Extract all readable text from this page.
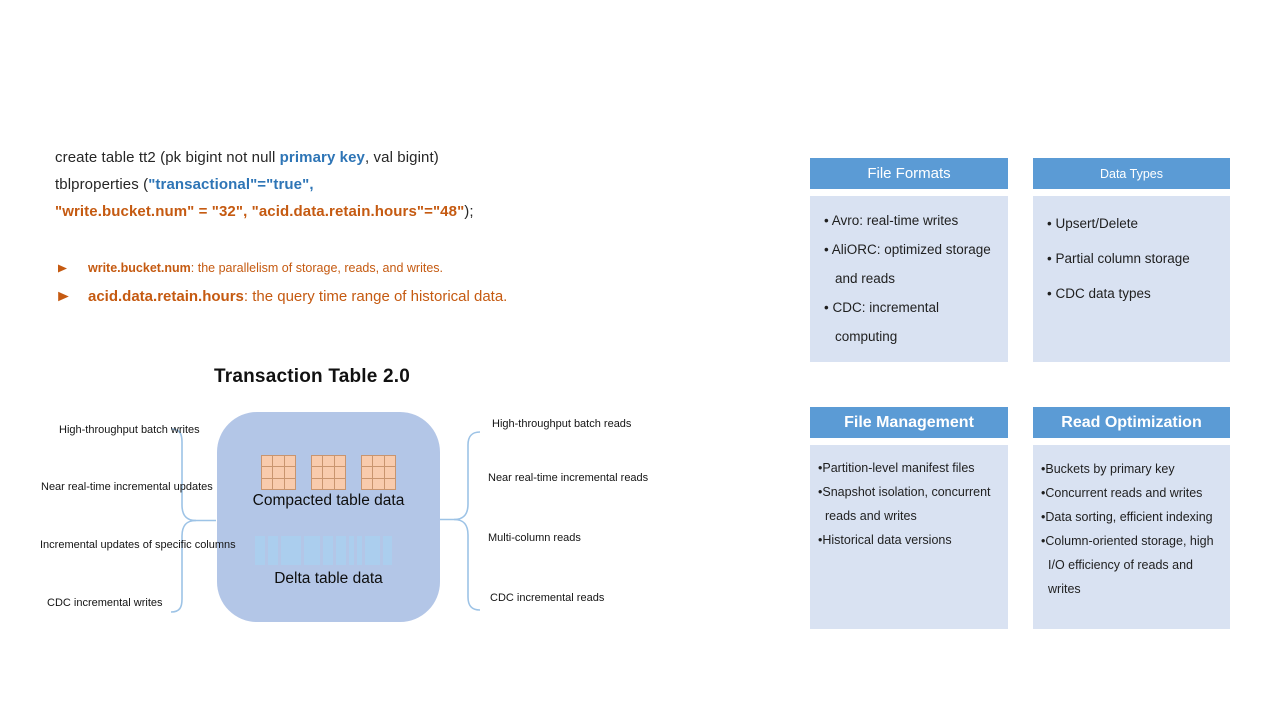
create table tt2 (pk bigint not null primary key, val bigint)
tblproperties ("transactional"="true",
"write.bucket.num" = "32", "acid.data.retain.hours"="48");
write.bucket.num: the parallelism of storage, reads, and writes.
acid.data.retain.hours: the query time range of historical data.
Transaction Table 2.0
Compacted table data
Delta table data
High-throughput batch writes
Near real-time incremental updates
Incremental updates of specific columns
CDC incremental writes
High-throughput batch reads
Near real-time incremental reads
Multi-column reads
CDC incremental reads
File Formats
• Avro: real-time writes
• AliORC: optimized storage and reads
• CDC: incremental computing
Data Types
• Upsert/Delete
• Partial column storage
• CDC data types
File Management
•Partition-level manifest files
•Snapshot isolation, concurrent reads and writes
•Historical data versions
Read Optimization
•Buckets by primary key
•Concurrent reads and writes
•Data sorting, efficient indexing
•Column-oriented storage, high I/O efficiency of reads and writes
